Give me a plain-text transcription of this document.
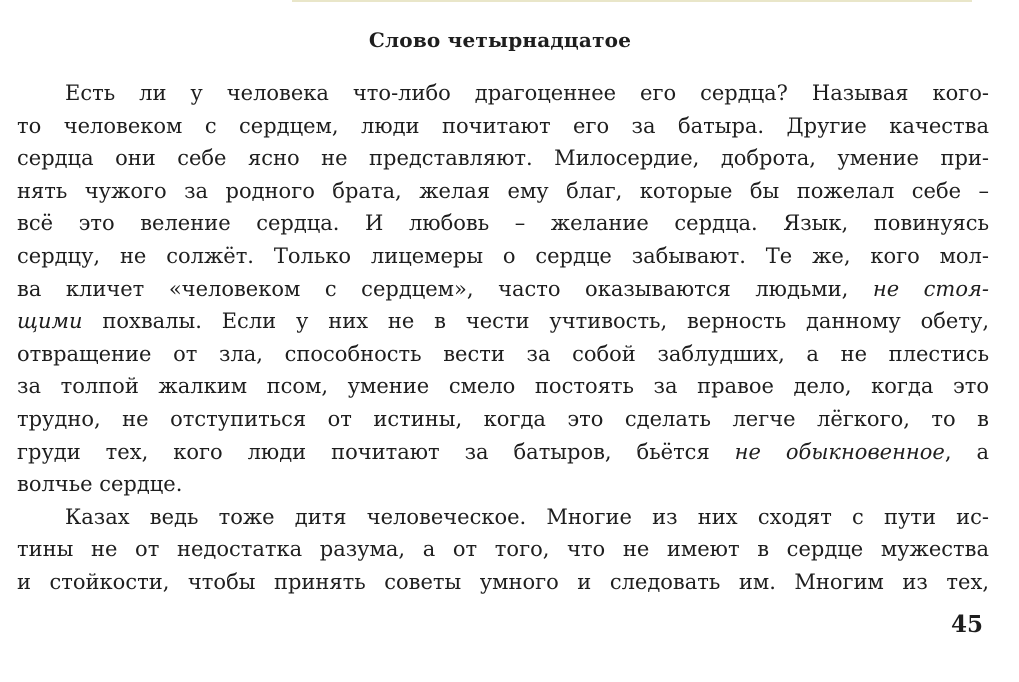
Слово четырнадцатое
Есть ли у человека что-либо драгоценнее его сердца? Называя кого-
то человеком с сердцем, люди почитают его за батыра. Другие качества
сердца они себе ясно не представляют. Милосердие, доброта, умение при-
нять чужого за родного брата, желая ему благ, которые бы пожелал себе –
всё это веление сердца. И любовь – желание сердца. Язык, повинуясь
сердцу, не солжёт. Только лицемеры о сердце забывают. Те же, кого мол-
ва кличет «человеком с сердцем», часто оказываются людьми, не стоя-
щими похвалы. Если у них не в чести учтивость, верность данному обету,
отвращение от зла, способность вести за собой заблудших, а не плестись
за толпой жалким псом, умение смело постоять за правое дело, когда это
трудно, не отступиться от истины, когда это сделать легче лёгкого, то в
груди тех, кого люди почитают за батыров, бьётся не обыкновенное, а
волчье сердце.
Казах ведь тоже дитя человеческое. Многие из них сходят с пути ис-
тины не от недостатка разума, а от того, что не имеют в сердце мужества
и стойкости, чтобы принять советы умного и следовать им. Многим из тех,
45
